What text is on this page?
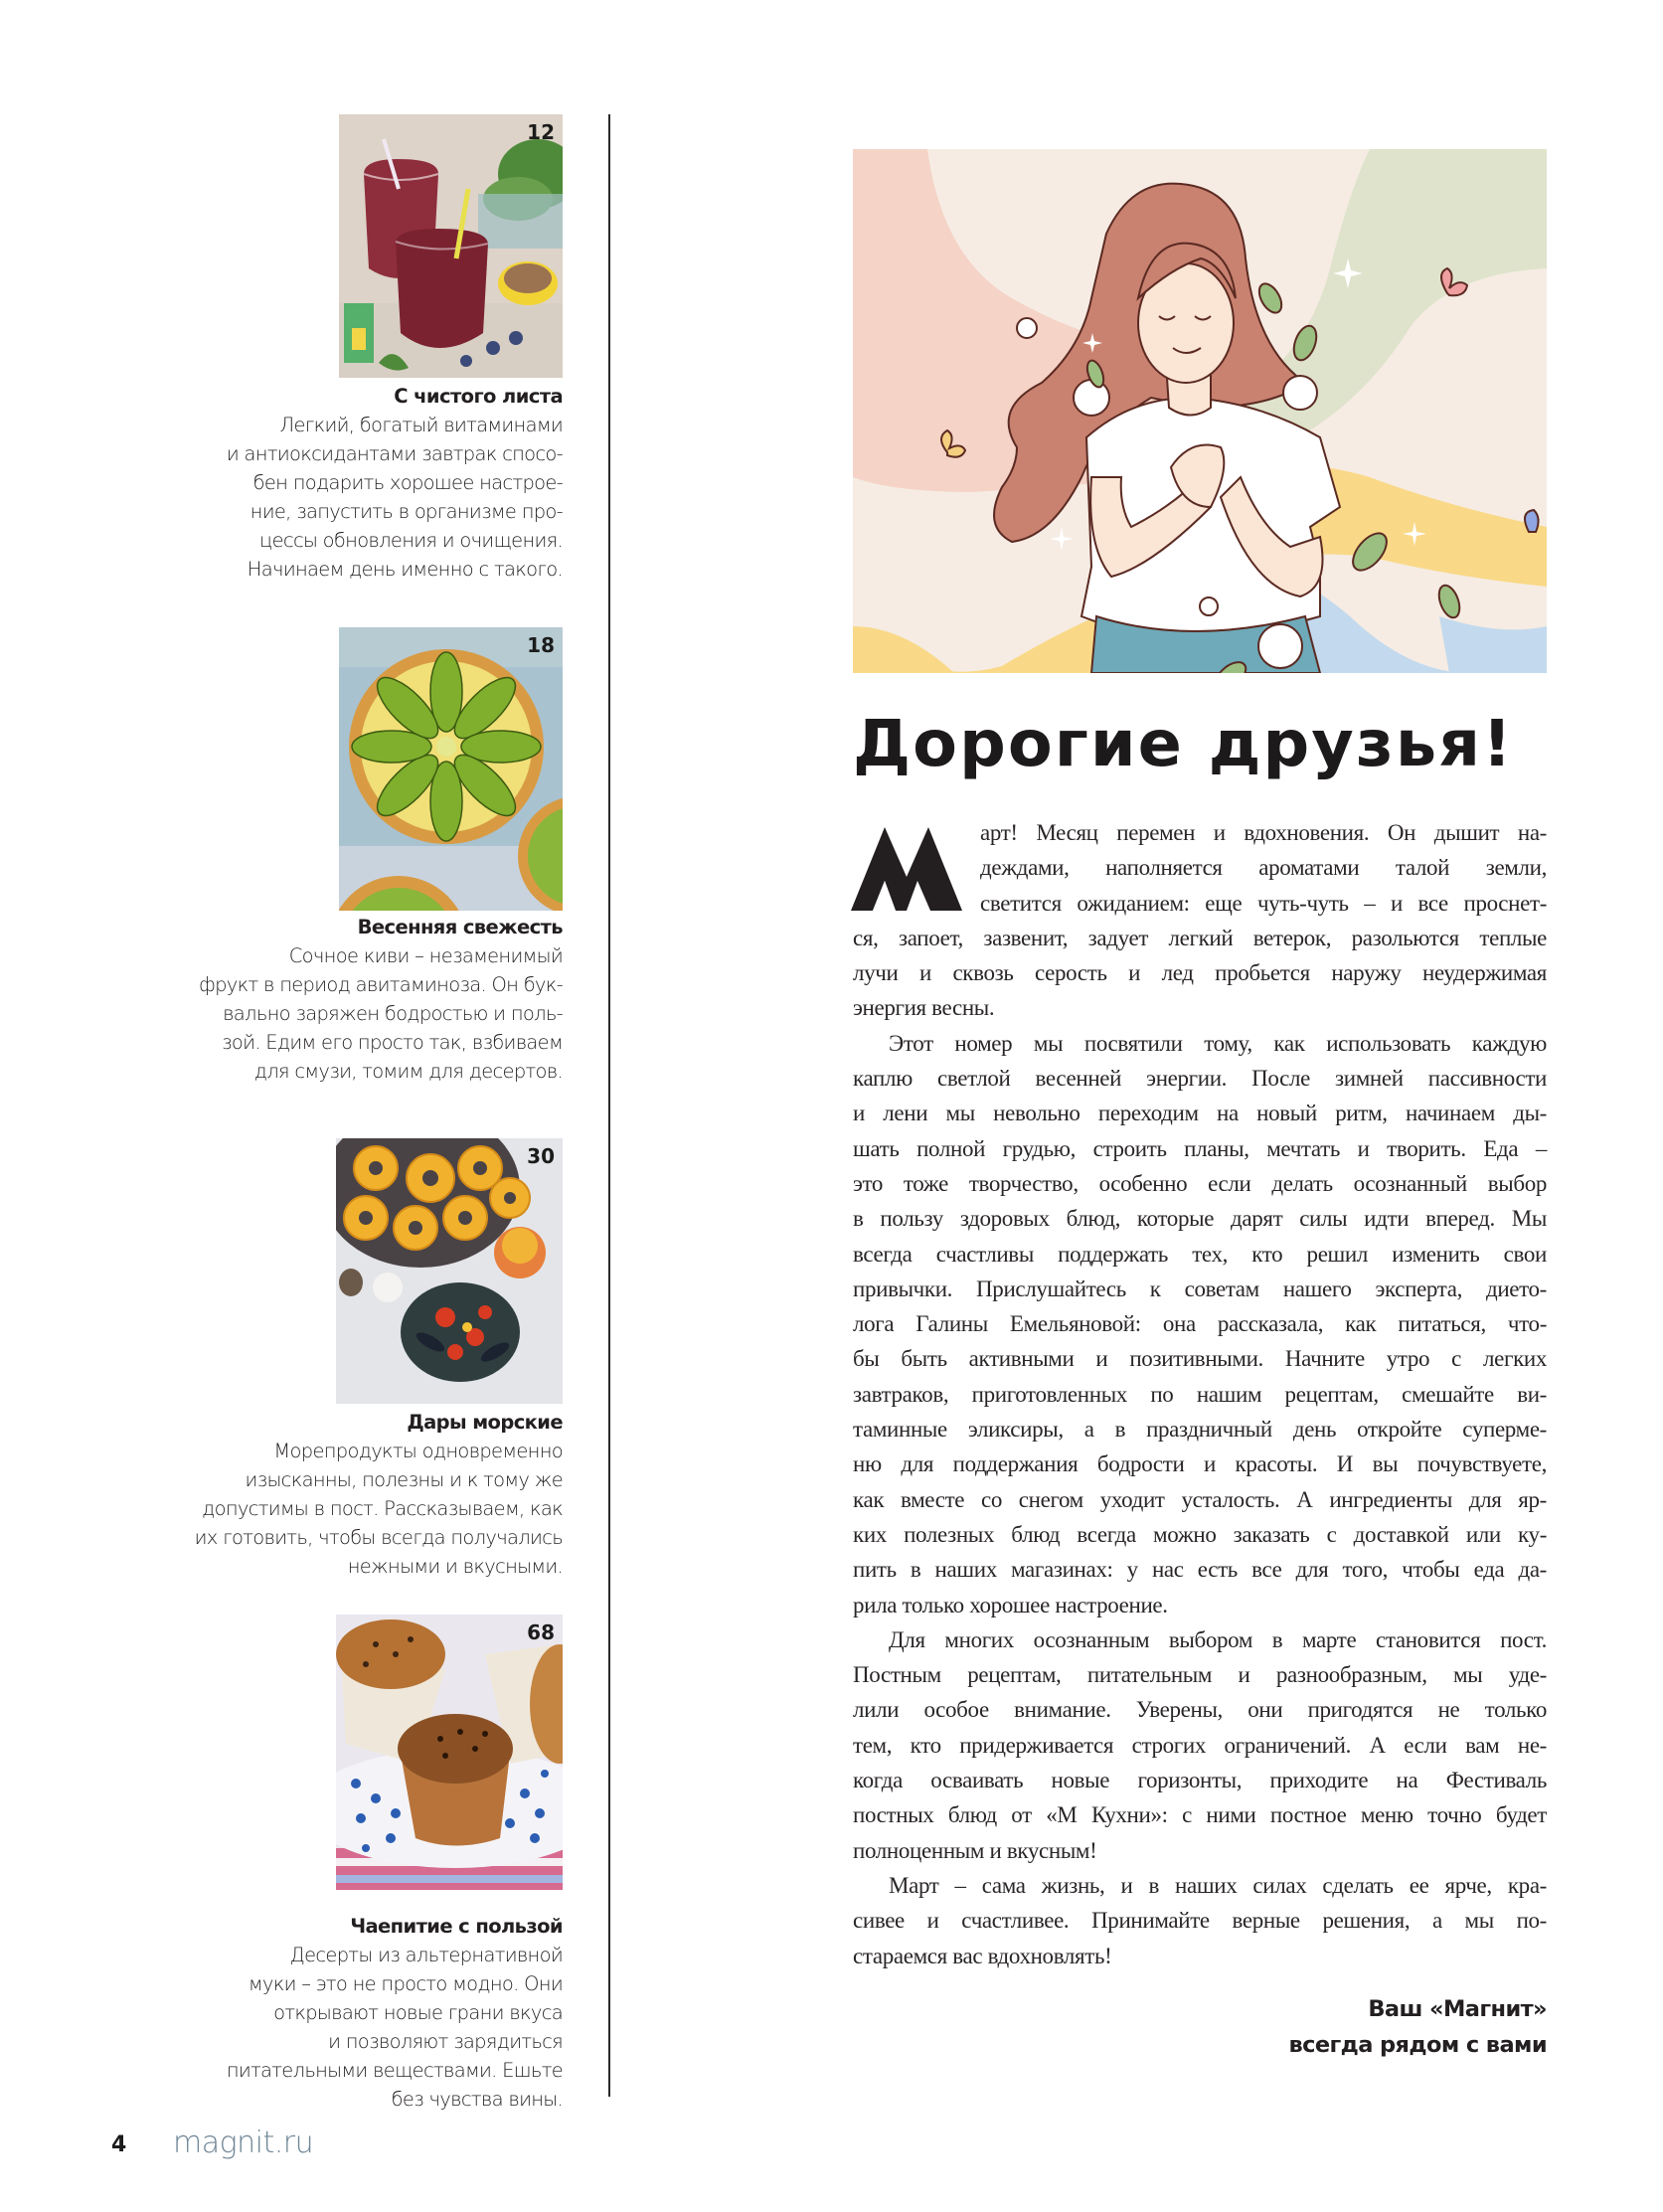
12
С чистого листа
Легкий, богатый витаминами
и антиоксидантами завтрак спосо-
бен подарить хорошее настрое-
ние, запустить в организме про-
цессы обновления и очищения.
Начинаем день именно с такого.
18
Весенняя свежесть
Сочное киви – незаменимый
фрукт в период авитаминоза. Он бук-
вально заряжен бодростью и поль-
зой. Едим его просто так, взбиваем
для смузи, томим для десертов.
30
Дары морские
Морепродукты одновременно
изысканны, полезны и к тому же
допустимы в пост. Рассказываем, как
их готовить, чтобы всегда получались
нежными и вкусными.
68
Чаепитие с пользой
Десерты из альтернативной
муки – это не просто модно. Они
открывают новые грани вкуса
и позволяют зарядиться
питательными веществами. Ешьте
без чувства вины.
Дорогие друзья!
арт! Месяц перемен и вдохновения. Он дышит на-
деждами, наполняется ароматами талой земли,
светится ожиданием: еще чуть-чуть – и все проснет-
ся, запоет, зазвенит, задует легкий ветерок, разольются теплые
лучи и сквозь серость и лед пробьется наружу неудержимая
энергия весны.
Этот номер мы посвятили тому, как использовать каждую
каплю светлой весенней энергии. После зимней пассивности
и лени мы невольно переходим на новый ритм, начинаем ды-
шать полной грудью, строить планы, мечтать и творить. Еда –
это тоже творчество, особенно если делать осознанный выбор
в пользу здоровых блюд, которые дарят силы идти вперед. Мы
всегда счастливы поддержать тех, кто решил изменить свои
привычки. Прислушайтесь к советам нашего эксперта, дието-
лога Галины Емельяновой: она рассказала, как питаться, что-
бы быть активными и позитивными. Начните утро с легких
завтраков, приготовленных по нашим рецептам, смешайте ви-
таминные эликсиры, а в праздничный день откройте суперме-
ню для поддержания бодрости и красоты. И вы почувствуете,
как вместе со снегом уходит усталость. А ингредиенты для яр-
ких полезных блюд всегда можно заказать с доставкой или ку-
пить в наших магазинах: у нас есть все для того, чтобы еда да-
рила только хорошее настроение.
Для многих осознанным выбором в марте становится пост.
Постным рецептам, питательным и разнообразным, мы уде-
лили особое внимание. Уверены, они пригодятся не только
тем, кто придерживается строгих ограничений. А если вам не-
когда осваивать новые горизонты, приходите на Фестиваль
постных блюд от «М Кухни»: с ними постное меню точно будет
полноценным и вкусным!
Март – сама жизнь, и в наших силах сделать ее ярче, кра-
сивее и счастливее. Принимайте верные решения, а мы по-
стараемся вас вдохновлять!
Ваш «Магнит»
всегда рядом с вами
4 magnit.ru
